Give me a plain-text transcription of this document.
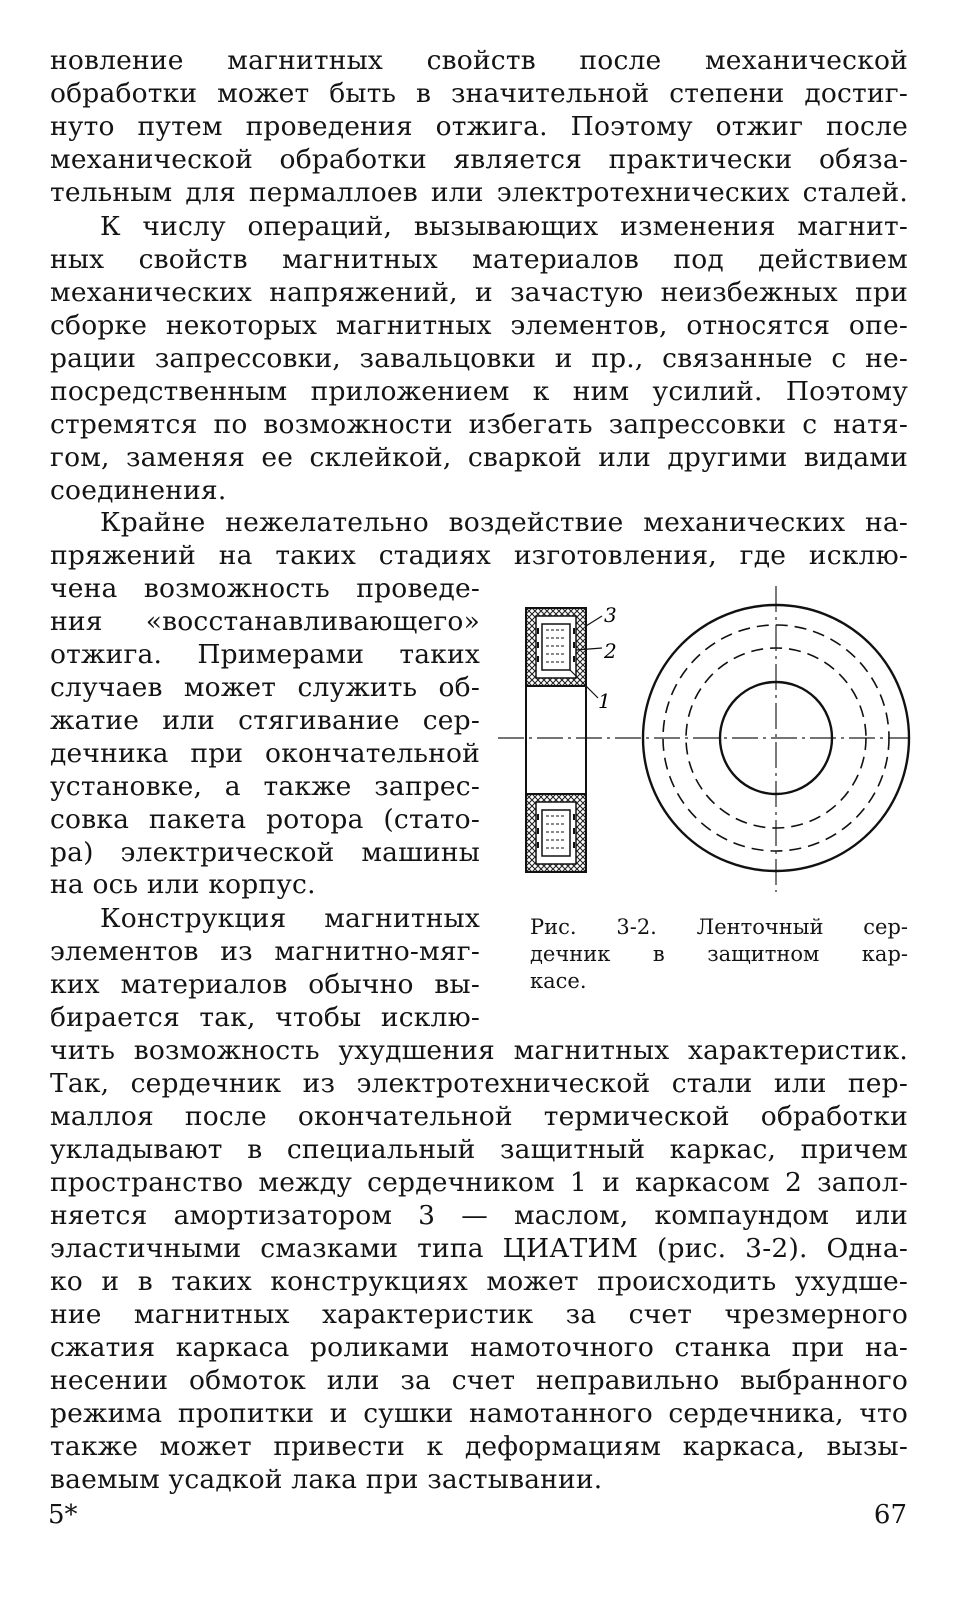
новление магнитных свойств после механической
обработки может быть в значительной степени достиг-
нуто путем проведения отжига. Поэтому отжиг после
механической обработки является практически обяза-
тельным для пермаллоев или электротехнических сталей.
К числу операций, вызывающих изменения магнит-
ных свойств магнитных материалов под действием
механических напряжений, и зачастую неизбежных при
сборке некоторых магнитных элементов, относятся опе-
рации запрессовки, завальцовки и пр., связанные с не-
посредственным приложением к ним усилий. Поэтому
стремятся по возможности избегать запрессовки с натя-
гом, заменяя ее склейкой, сваркой или другими видами
соединения.
Крайне нежелательно воздействие механических на-
пряжений на таких стадиях изготовления, где исклю-
чена возможность проведе-
ния «восстанавливающего»
отжига. Примерами таких
случаев может служить об-
жатие или стягивание сер-
дечника при окончательной
установке, а также запрес-
совка пакета ротора (стато-
ра) электрической машины
на ось или корпус.
Конструкция магнитных
элементов из магнитно-мяг-
ких материалов обычно вы-
бирается так, чтобы исклю-
чить возможность ухудшения магнитных характеристик.
Так, сердечник из электротехнической стали или пер-
маллоя после окончательной термической обработки
укладывают в специальный защитный каркас, причем
пространство между сердечником 1 и каркасом 2 запол-
няется амортизатором 3 — маслом, компаундом или
эластичными смазками типа ЦИАТИМ (рис. 3-2). Одна-
ко и в таких конструкциях может происходить ухудше-
ние магнитных характеристик за счет чрезмерного
сжатия каркаса роликами намоточного станка при на-
несении обмоток или за счет неправильно выбранного
режима пропитки и сушки намотанного сердечника, что
также может привести к деформациям каркаса, вызы-
ваемым усадкой лака при застывании.
3
2
1
Рис. 3-2. Ленточный сер-
дечник в защитном кар-
касе.
5*	67
